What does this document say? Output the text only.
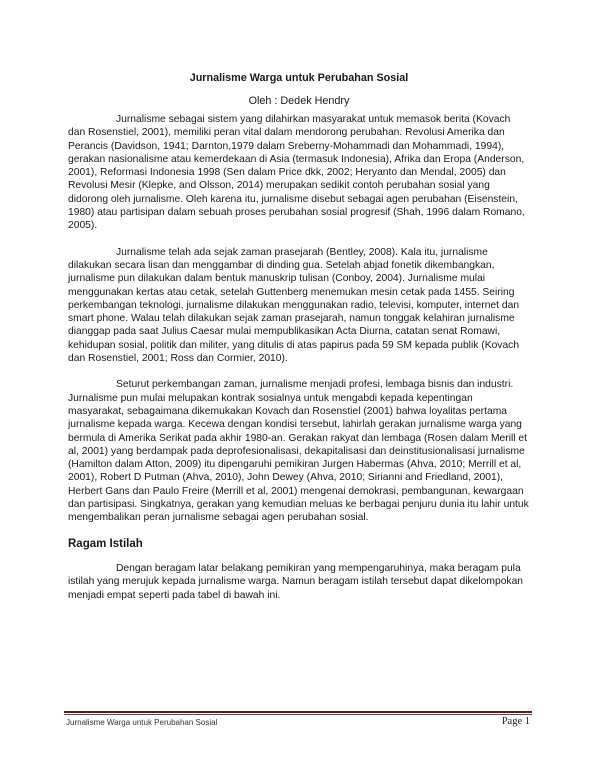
Jurnalisme Warga untuk Perubahan Sosial
Oleh : Dedek Hendry

Jurnalisme sebagai sistem yang dilahirkan masyarakat untuk memasok berita (Kovach dan Rosenstiel, 2001), memiliki peran vital dalam mendorong perubahan. Revolusi Amerika dan Perancis (Davidson, 1941; Darnton,1979 dalam Sreberny-Mohammadi dan Mohammadi, 1994), gerakan nasionalisme atau kemerdekaan di Asia (termasuk Indonesia), Afrika dan Eropa (Anderson, 2001), Reformasi Indonesia 1998 (Sen dalam Price dkk, 2002; Heryanto dan Mendal, 2005) dan Revolusi Mesir (Klepke, and Olsson, 2014) merupakan sedikit contoh perubahan sosial yang didorong oleh jurnalisme. Oleh karena itu, jurnalisme disebut sebagai agen perubahan (Eisenstein, 1980) atau partisipan dalam sebuah proses perubahan sosial progresif (Shah, 1996 dalam Romano, 2005).

Jurnalisme telah ada sejak zaman prasejarah (Bentley, 2008). Kala itu, jurnalisme dilakukan secara lisan dan menggambar di dinding gua. Setelah abjad fonetik dikembangkan, jurnalisme pun dilakukan dalam bentuk manuskrip tulisan (Conboy, 2004). Jurnalisme mulai menggunakan kertas atau cetak, setelah Guttenberg menemukan mesin cetak pada 1455. Seiring perkembangan teknologi, jurnalisme dilakukan menggunakan radio, televisi, komputer, internet dan smart phone. Walau telah dilakukan sejak zaman prasejarah, namun tonggak kelahiran jurnalisme dianggap pada saat Julius Caesar mulai mempublikasikan Acta Diurna, catatan senat Romawi, kehidupan sosial, politik dan militer, yang ditulis di atas papirus pada 59 SM kepada publik (Kovach dan Rosenstiel, 2001; Ross dan Cormier, 2010).

Seturut perkembangan zaman, jurnalisme menjadi profesi, lembaga bisnis dan industri. Jurnalisme pun mulai melupakan kontrak sosialnya untuk mengabdi kepada kepentingan masyarakat, sebagaimana dikemukakan Kovach dan Rosenstiel (2001) bahwa loyalitas pertama jurnalisme kepada warga. Kecewa dengan kondisi tersebut, lahirlah gerakan jurnalisme warga yang bermula di Amerika Serikat pada akhir 1980-an. Gerakan rakyat dan lembaga (Rosen dalam Merill et al, 2001) yang berdampak pada deprofesionalisasi, dekapitalisasi dan deinstitusionalisasi jurnalisme (Hamilton dalam Atton, 2009) itu dipengaruhi pemikiran Jurgen Habermas (Ahva, 2010; Merrill et al, 2001), Robert D Putman (Ahva, 2010), John Dewey (Ahva, 2010; Sirianni and Friedland, 2001), Herbert Gans dan Paulo Freire (Merrill et al, 2001) mengenai demokrasi, pembangunan, kewargaan dan partisipasi. Singkatnya, gerakan yang kemudian meluas ke berbagai penjuru dunia itu lahir untuk mengembalikan peran jurnalisme sebagai agen perubahan sosial.

Ragam Istilah

Dengan beragam latar belakang pemikiran yang mempengaruhinya, maka beragam pula istilah yang merujuk kepada jurnalisme warga. Namun beragam istilah tersebut dapat dikelompokan menjadi empat seperti pada tabel di bawah ini.

Jurnalisme Warga untuk Perubahan Sosial	Page 1
